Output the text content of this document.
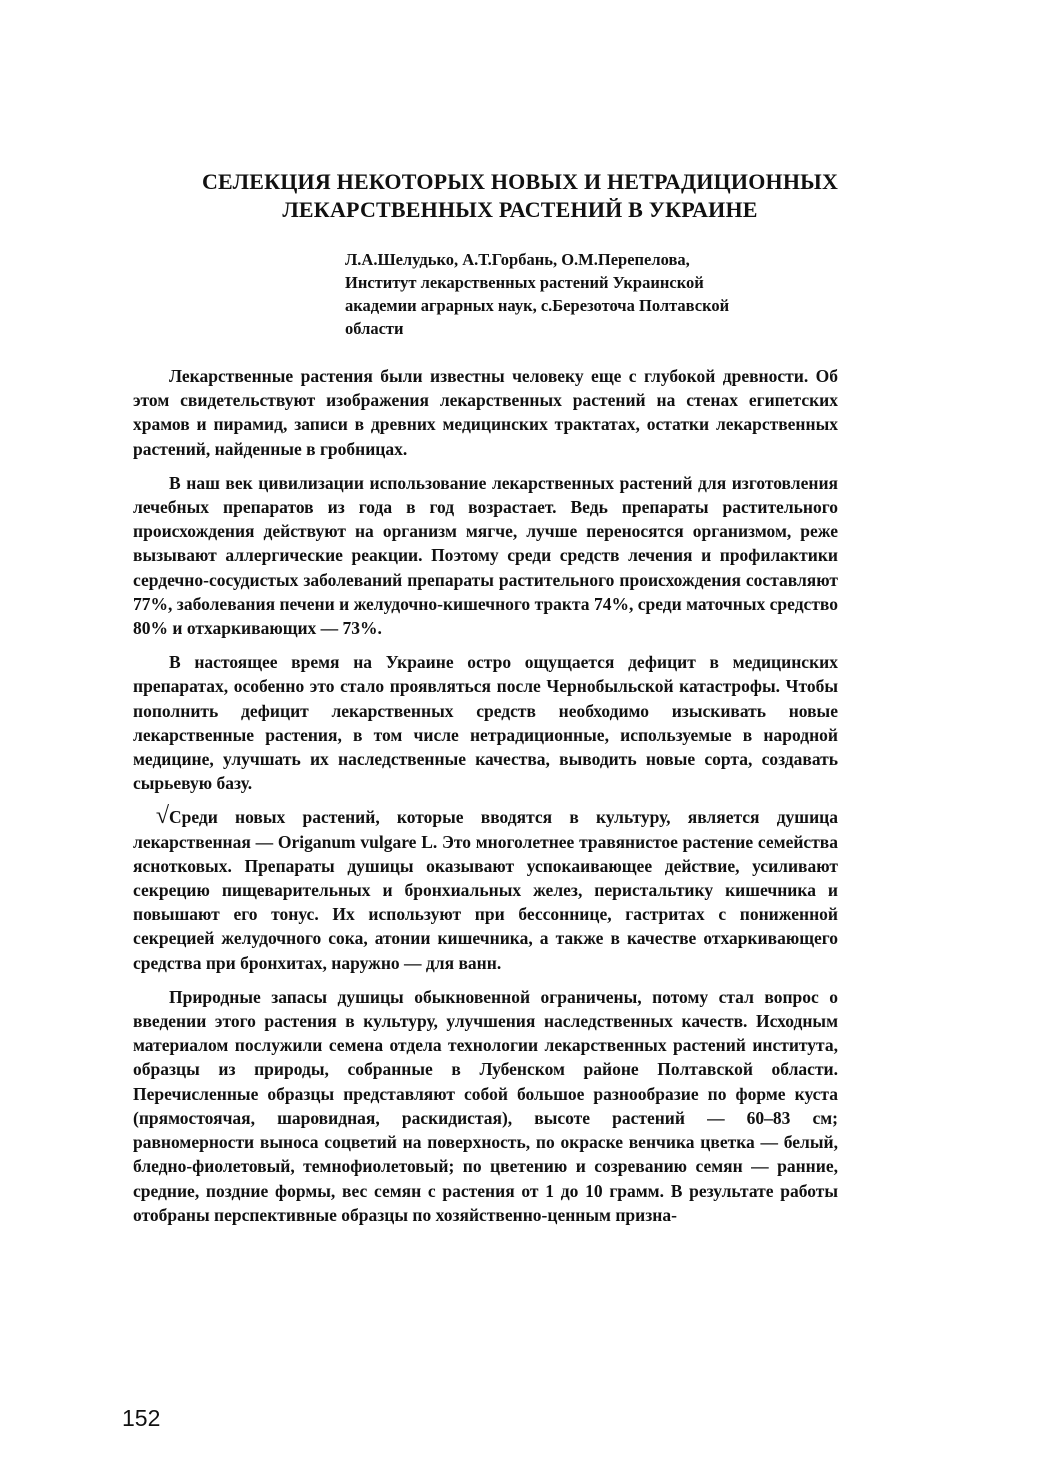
СЕЛЕКЦИЯ НЕКОТОРЫХ НОВЫХ И НЕТРАДИЦИОННЫХ
ЛЕКАРСТВЕННЫХ РАСТЕНИЙ В УКРАИНЕ
Л.А.Шелудько, А.Т.Горбань, О.М.Перепелова,
Институт лекарственных растений Украинской
академии аграрных наук, с.Березоточа Полтавской
области

Лекарственные растения были известны человеку еще с глубокой древности. Об этом свидетельствуют изображения лекарственных растений на стенах египетских храмов и пирамид, записи в древних медицинских трактатах, остатки лекарственных растений, найденные в гробницах.

В наш век цивилизации использование лекарственных растений для изготовления лечебных препаратов из года в год возрастает. Ведь препараты растительного происхождения действуют на организм мягче, лучше переносятся организмом, реже вызывают аллергические реакции. Поэтому среди средств лечения и профилактики сердечно-сосудистых заболеваний препараты растительного происхождения составляют 77%, заболевания печени и желудочно-кишечного тракта 74%, среди маточных средство 80% и отхаркивающих — 73%.

В настоящее время на Украине остро ощущается дефицит в медицинских препаратах, особенно это стало проявляться после Чернобыльской катастрофы. Чтобы пополнить дефицит лекарственных средств необходимо изыскивать новые лекарственные растения, в том числе нетрадиционные, используемые в народной медицине, улучшать их наследственные качества, выводить новые сорта, создавать сырьевую базу.

√Среди новых растений, которые вводятся в культуру, является душица лекарственная — Origanum vulgare L. Это многолетнее травянистое растение семейства яснотковых. Препараты душицы оказывают успокаивающее действие, усиливают секрецию пищеварительных и бронхиальных желез, перистальтику кишечника и повышают его тонус. Их используют при бессоннице, гастритах с пониженной секрецией желудочного сока, атонии кишечника, а также в качестве отхаркивающего средства при бронхитах, наружно — для ванн.

Природные запасы душицы обыкновенной ограничены, потому стал вопрос о введении этого растения в культуру, улучшения наследственных качеств. Исходным материалом послужили семена отдела технологии лекарственных растений института, образцы из природы, собранные в Лубенском районе Полтавской области. Перечисленные образцы представляют собой большое разнообразие по форме куста (прямостоячая, шаровидная, раскидистая), высоте растений — 60–83 см; равномерности выноса соцветий на поверхность, по окраске венчика цветка — белый, бледно-фиолетовый, темнофиолетовый; по цветению и созреванию семян — ранние, средние, поздние формы, вес семян с растения от 1 до 10 грамм. В результате работы отобраны перспективные образцы по хозяйственно-ценным призна-

152
